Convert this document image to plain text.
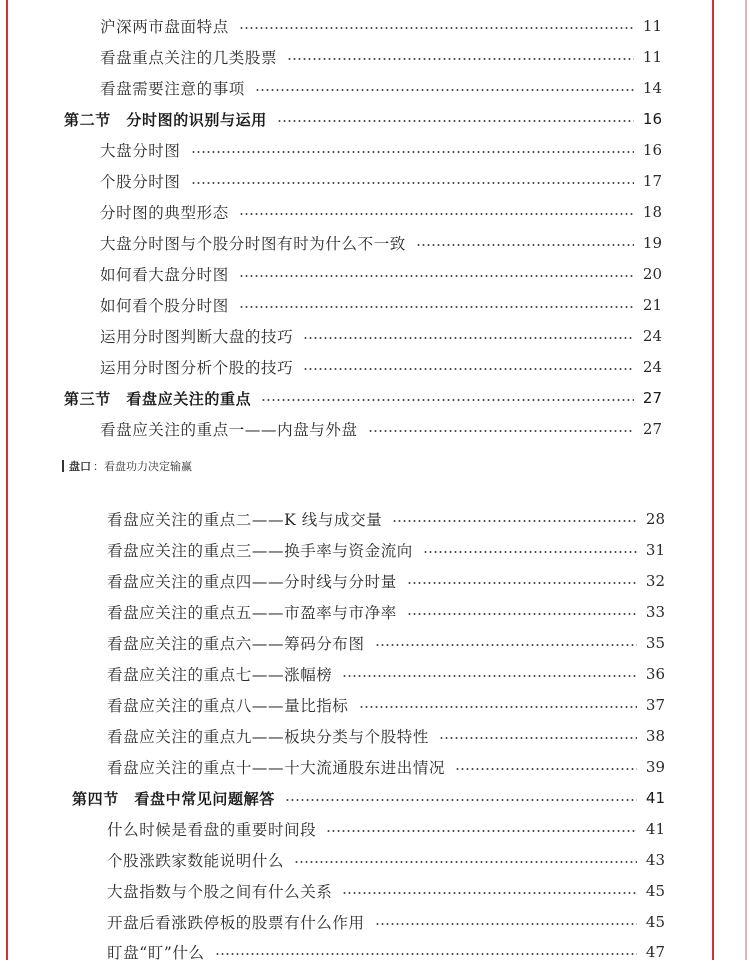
沪深两市盘面特点	11
看盘重点关注的几类股票	11
看盘需要注意的事项	14
第二节　分时图的识别与运用	16
大盘分时图	16
个股分时图	17
分时图的典型形态	18
大盘分时图与个股分时图有时为什么不一致	19
如何看大盘分时图	20
如何看个股分时图	21
运用分时图判断大盘的技巧	24
运用分时图分析个股的技巧	24
第三节　看盘应关注的重点	27
看盘应关注的重点一——内盘与外盘	27
盘口 ：看盘功力决定输赢
看盘应关注的重点二——K 线与成交量	28
看盘应关注的重点三——换手率与资金流向	31
看盘应关注的重点四——分时线与分时量	32
看盘应关注的重点五——市盈率与市净率	33
看盘应关注的重点六——筹码分布图	35
看盘应关注的重点七——涨幅榜	36
看盘应关注的重点八——量比指标	37
看盘应关注的重点九——板块分类与个股特性	38
看盘应关注的重点十——十大流通股东进出情况	39
第四节　看盘中常见问题解答	41
什么时候是看盘的重要时间段	41
个股涨跌家数能说明什么	43
大盘指数与个股之间有什么关系	45
开盘后看涨跌停板的股票有什么作用	45
盯盘“盯”什么	47
